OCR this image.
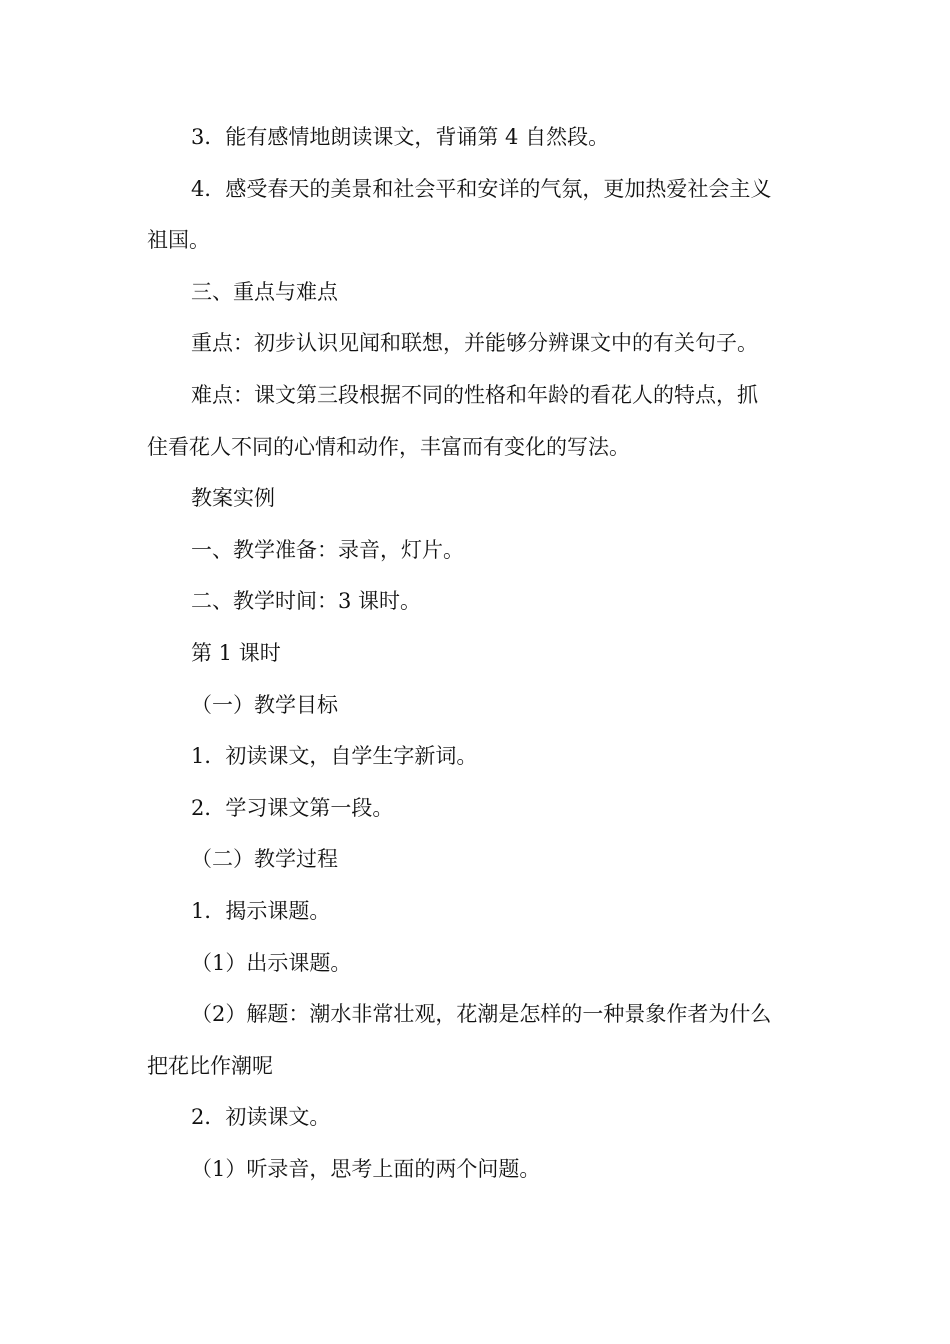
3．能有感情地朗读课文，背诵第 4 自然段。

4．感受春天的美景和社会平和安详的气氛，更加热爱社会主义
祖国。

三、重点与难点

重点：初步认识见闻和联想，并能够分辨课文中的有关句子。

难点：课文第三段根据不同的性格和年龄的看花人的特点，抓
住看花人不同的心情和动作，丰富而有变化的写法。

教案实例

一、教学准备：录音，灯片。

二、教学时间：3 课时。

第 1 课时

（一）教学目标

1．初读课文，自学生字新词。

2．学习课文第一段。

（二）教学过程

1．揭示课题。

（1）出示课题。

（2）解题：潮水非常壮观，花潮是怎样的一种景象作者为什么
把花比作潮呢

2．初读课文。

（1）听录音，思考上面的两个问题。
